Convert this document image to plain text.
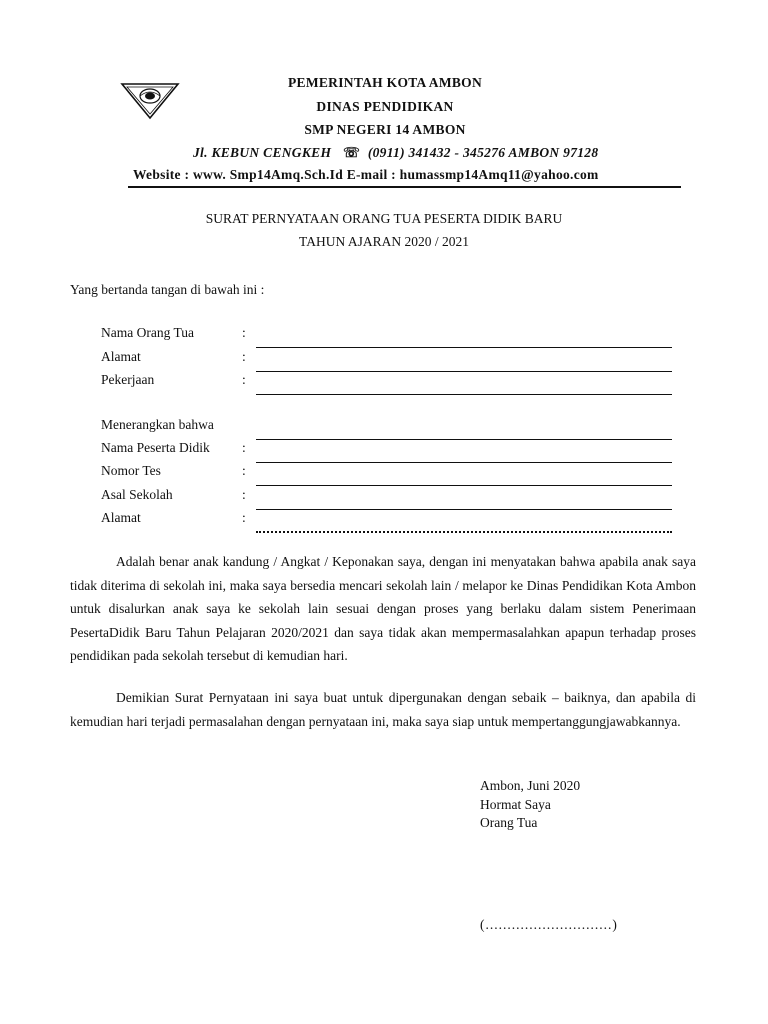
PEMERINTAH KOTA AMBON
DINAS PENDIDIKAN
SMP NEGERI 14 AMBON
Jl. KEBUN CENGKEH ☏ (0911) 341432 - 345276 AMBON 97128
Website : www. Smp14Amq.Sch.Id E-mail : humassmp14Amq11@yahoo.com
SURAT PERNYATAAN ORANG TUA PESERTA DIDIK BARU
TAHUN AJARAN 2020 / 2021
Yang bertanda tangan di bawah ini :
Nama Orang Tua	:
Alamat	:
Pekerjaan	:
Menerangkan bahwa
Nama Peserta Didik :
Nomor Tes	:
Asal Sekolah	:
Alamat	:
Adalah benar anak kandung / Angkat / Keponakan saya, dengan ini menyatakan bahwa apabila anak saya tidak diterima di sekolah ini, maka saya bersedia mencari sekolah lain / melapor ke Dinas Pendidikan Kota Ambon untuk disalurkan anak saya ke sekolah lain sesuai dengan proses yang berlaku dalam sistem Penerimaan PesertaDidik Baru Tahun Pelajaran 2020/2021 dan saya tidak akan mempermasalahkan apapun terhadap proses pendidikan pada sekolah tersebut di kemudian hari.
Demikian Surat Pernyataan ini saya buat untuk dipergunakan dengan sebaik – baiknya, dan apabila di kemudian hari terjadi permasalahan dengan pernyataan ini, maka saya siap untuk mempertanggungjawabkannya.
Ambon, Juni 2020
Hormat Saya
Orang Tua
(.............................)
